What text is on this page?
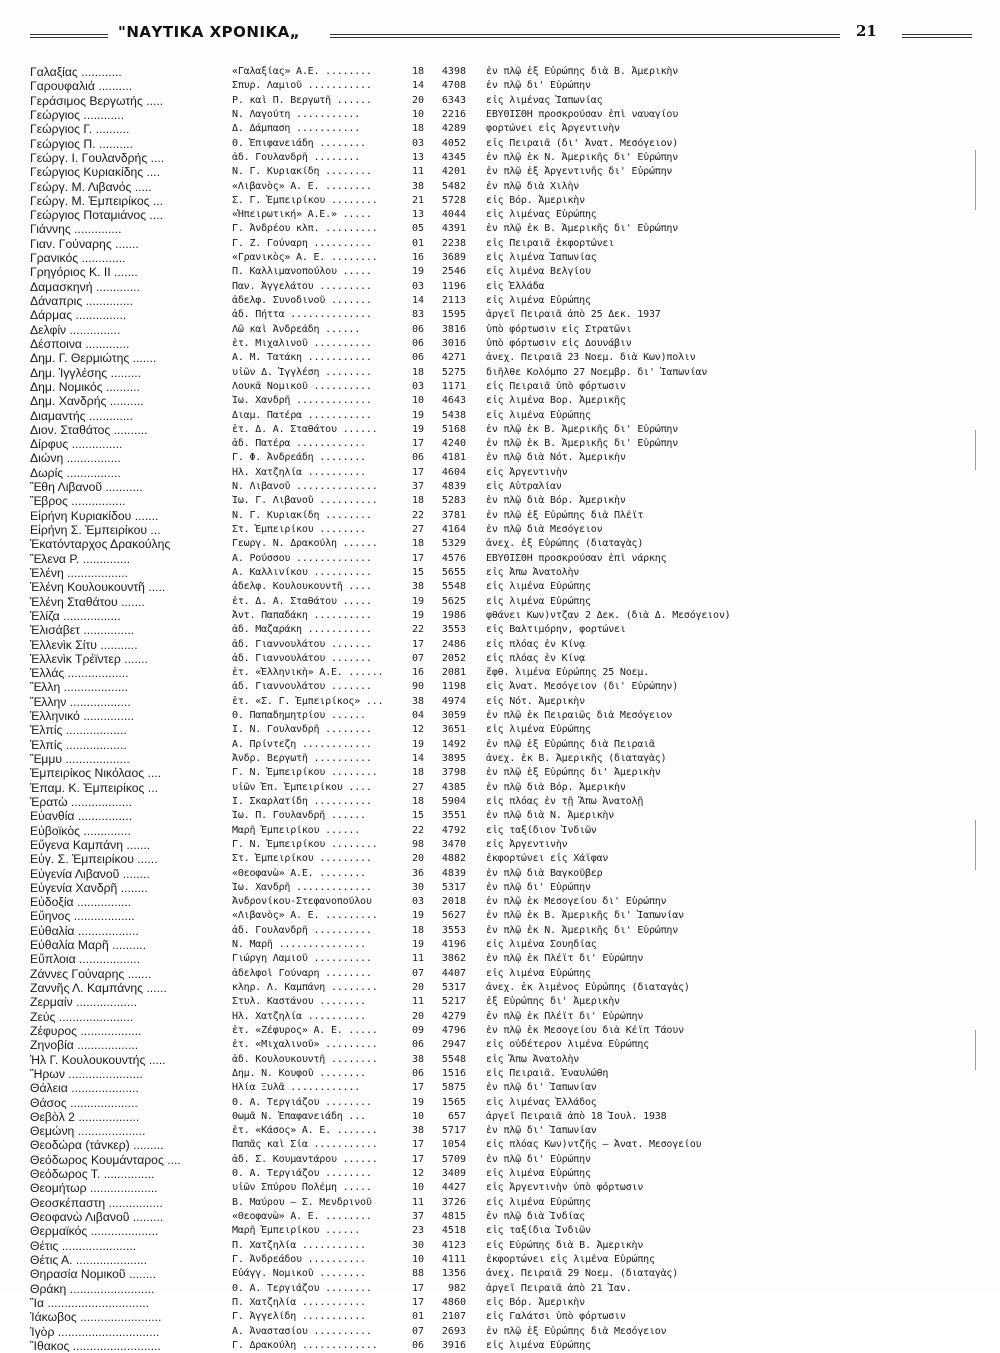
"ΝΑΥΤΙΚΑ ΧΡΟΝΙΚΑ„	21
Γαλαξίας ............	«Γαλαξίας» Α.Ε. ........	18	4398 ἐν πλῷ ἐξ Εὐρώπης διὰ Β. Ἀμερικὴν
Γαρουφαλιά ..........	Σπυρ. Λαμιοῦ ...........	14	4708 ἐν πλῷ δι' Εὐρώπην
Γεράσιμος Βεργωτής .....	Ρ. καὶ Π. Βεργωτῆ ......	20	6343 εἰς λιμένας Ἰαπωνίας
Γεώργιος ............	Ν. Λαγούτη ...........	10	2216 ΕΒΥΘΙΣΘΗ προσκρούσαν ἐπὶ ναυαγίου
Γεώργιος Γ. ..........	Δ. Δάμπαση ...........	18	4289 φορτώνει εἰς Ἀργεντινὴν
Γεώργιος Π. ..........	Θ. Ἐπιφανειάδη ........	03	4052 εἰς Πειραιᾶ (δι' Ἀνατ. Μεσόγειον)
Γεώργ. Ι. Γουλανδρής ....	ἀδ. Γουλανδρῆ ........	13	4345 ἐν πλῷ ἐκ Ν. Ἀμερικῆς δι' Εὐρώπην
Γεώργιος Κυριακίδης ....	Ν. Γ. Κυριακίδη ........	11	4201 ἐν πλῷ ἐξ Ἀργεντινῆς δι' Εὐρώπην
Γεώργ. Μ. Λιβανός .....	«Λιβανὸς» Α. Ε. ........	38	5482 ἐν πλῷ διὰ Χιλὴν
Γεώργ. Μ. Ἐμπειρίκος ...	Σ. Γ. Ἐμπειρίκου ........	21	5728 εἰς Βόρ. Ἀμερικὴν
Γεώργιος Ποταμιάνος ....	«Ἠπειρωτική» Α.Ε.» .....	13	4044 εἰς λιμένας Εὐρώπης
Γιάννης ..............	Γ. Ἀνδρέου κλπ. .........	05	4391 ἐν πλῷ ἐκ Β. Ἀμερικῆς δι' Εὐρώπην
Γιαν. Γούναρης .......	Γ. Ζ. Γούναρη ..........	01	2238 εἰς Πειραιᾶ ἐκφορτώνει
Γρανικός .............	«Γρανικὸς» Α. Ε. ........	16	3689 εἰς λιμένα Ἰαπωνίας
Γρηγόριος Κ. ΙΙ .......	Π. Καλλιμανοπούλου .....	19	2546 εἰς λιμένα Βελγίου
Δαμασκηνή .............	Παν. Ἀγγελάτου .........	03	1196 εἰς Ἑλλάδα
Δάναπρις ..............	ἀδελφ. Συνοδινοῦ .......	14	2113 εἰς λιμένα Εὐρώπης
Δάρμας ...............	ἀδ. Πήττα ..............	83	1595 ἀργεῖ Πειραιᾶ ἀπὸ 25 Δεκ. 1937
Δελφίν ...............	Λῶ καὶ Ἀνδρεάδη ......	06	3816 ὑπὸ φόρτωσιν εἰς Στρατῶνι
Δέσποινα .............	ἑτ. Μιχαλινοῦ ..........	06	3016 ὑπὸ φόρτωσιν εἰς Δουνάβιν
Δημ. Γ. Θερμιώτης .......	Α. Μ. Τατάκη ...........	06	4271 ἀνεχ. Πειραιᾶ 23 Νοεμ. διὰ Κων)πολιν
Δημ. Ἰγγλέσης .........	υἱῶν Δ. Ἰγγλέση ........	18	5275 διῆλθε Κολόμπο 27 Νοεμβρ. δι' Ἰαπωνίαν
Δημ. Νομικός ..........	Λουκᾶ Νομικοῦ ..........	03	1171 εἰς Πειραιᾶ ὑπὸ φόρτωσιν
Δημ. Χανδρής ..........	Ἰω. Χανδρῆ .............	10	4643 εἰς λιμένα Βορ. Ἀμερικῆς
Διαμαντής .............	Διαμ. Πατέρα ...........	19	5438 εἰς λιμένα Εὐρώπης
Διον. Σταθάτος ..........	ἑτ. Δ. Α. Σταθάτου ......	19	5168 ἐν πλῷ ἐκ Β. Ἀμερικῆς δι' Εὐρώπην
Δίρφυς ...............	ἀδ. Πατέρα ............	17	4240 ἐν πλῷ ἐκ Β. Ἀμερικῆς δι' Εὐρώπην
Διώνη ................	Γ. Φ. Ἀνδρεάδη ........	06	4181 ἐν πλῷ διὰ Νότ. Ἀμερικὴν
Δωρίς ................	Ἠλ. Χατζηλία ..........	17	4604 εἰς Ἀργεντινὴν
Ἔθη Λιβανοῦ ...........	Ν. Λιβανοῦ ..............	37	4839 εἰς Αὐτραλίαν
Ἔβρος ................	Ἰω. Γ. Λιβανοῦ ..........	18	5283 ἐν πλῷ διὰ Βόρ. Ἀμερικὴν
Εἰρήνη Κυριακίδου .......	Ν. Γ. Κυριακίδη ........	22	3781 ἐν πλῷ ἐξ Εὐρώπης διὰ Πλέϊτ
Εἰρήνη Σ. Ἐμπειρίκου ...	Στ. Ἐμπειρίκου ........	27	4164 ἐν πλῷ διὰ Μεσόγειον
Ἐκατόνταρχος Δρακούλης	Γεωργ. Ν. Δρακούλη ......	18	5329 ἀνεχ. ἐξ Εὐρώπης (διαταγὰς)
Ἔλενα Ρ. ..............	Α. Ρούσσου .............	17	4576 ΕΒΥΘΙΣΘΗ προσκρούσαν ἐπὶ νάρκης
Ἑλένη ..................	Α. Καλλινίκου ..........	15	5655 εἰς Ἀπω Ἀνατολὴν
Ἑλένη Κουλουκουντῆ .....	ἀδελφ. Κουλουκουντῆ ....	38	5548 εἰς λιμένα Εὐρώπης
Ἑλένη Σταθάτου .......	ἑτ. Δ. Α. Σταθάτου .....	19	5625 εἰς λιμένα Εὐρώπης
Ἐλίζα .................	Ἀντ. Παπαδάκη ..........	19	1986 φθάνει Κων)ντζαν 2 Δεκ. (διὰ Δ. Μεσόγειον)
Ἐλισάβετ ...............	ἀδ. Μαζαράκη ...........	22	3553 εἰς Βαλτιμόρην, φορτώνει
Ἑλλενὶκ Σίτυ ...........	ἀδ. Γιαννουλάτου .......	17	2486 εἰς πλόας ἐν Κίνᾳ
Ἑλλενὶκ Τρέϊντερ .......	ἀδ. Γιαννουλάτου .......	07	2052 εἰς πλόας ἐν Κίνᾳ
Ἑλλάς ..................	ἑτ. «Ἑλληνικὴ» Α.Ε. ......	16	2081 ἔφθ. λιμένα Εὐρώπης 25 Νοεμ.
Ἔλλη ...................	ἀδ. Γιαννουλάτου .......	90	1198 εἰς Ἀνατ. Μεσόγειον (δι' Εὐρώπην)
Ἕλλην ..................	ἑτ. «Σ. Γ. Ἐμπειρίκος» ...	38	4974 εἰς Νότ. Ἀμερικὴν
Ἑλληνικό ...............	Θ. Παπαδημητρίου ......	04	3059 ἐν πλῷ ἐκ Πειραιῶς διὰ Μεσόγειον
Ἐλπίς ..................	Ι. Ν. Γουλανδρῆ ........	12	3651 εἰς λιμένα Εὐρώπης
Ἐλπίς ..................	Α. Πρίντεζη ............	19	1492 ἐν πλῷ ἐξ Εὐρώπης διὰ Πειραιᾶ
Ἔμμυ ...................	Ἀνδρ. Βεργωτῆ ..........	14	3895 ἀνεχ. ἐκ Β. Ἀμερικῆς (διαταγὰς)
Ἐμπειρίκος Νικόλαος ....	Γ. Ν. Ἐμπειρίκου ........	18	3798 ἐν πλῷ ἐξ Εὐρώπης δι' Ἀμερικὴν
Ἐπαμ. Κ. Ἐμπειρίκος ...	υἱῶν Ἐπ. Ἐμπειρίκου ....	27	4385 ἐν πλῷ διὰ Βόρ. Ἀμερικὴν
Ἐρατὼ ..................	Ι. Σκαρλατίδη ..........	18	5904 εἰς πλόας ἐν τῇ Ἄπω Ἀνατολῇ
Εὐανθία ................	Ἰω. Π. Γουλανδρῆ ......	15	3551 ἐν πλῷ διὰ Ν. Ἀμερικὴν
Εὐβοϊκὸς ..............	Μαρῆ Ἐμπειρίκου ......	22	4792 εἰς ταξίδιον Ἰνδιῶν
Εὔγενα Καμπάνη .......	Γ. Ν. Ἐμπειρίκου ........	98	3470 εἰς Ἀργεντινὴν
Εὐγ. Σ. Ἐμπειρίκου ......	Στ. Ἐμπειρίκου .........	20	4882 ἐκφορτώνει εἰς Χάϊφαν
Εὐγενία Λιβανοῦ ........	«Θεοφανὼ» Α.Ε. ........	36	4839 ἐν πλῷ διὰ Βαγκοῦβερ
Εὐγενία Χανδρῆ ........	Ἰω. Χανδρῆ .............	30	5317 ἐν πλῷ δι' Εὐρώπην
Εὐδοξία ................	Ἀνδρονίκου-Στεφανοπούλου	03	2018 ἐν πλῷ ἐκ Μεσογείου δι' Εὐρώπην
Εὔηνος ..................	«Λιβανὸς» Α. Ε. .........	19	5627 ἐν πλῷ ἐκ Β. Ἀμερικῆς δι' Ἰαπωνίαν
Εὐθαλία ..................	ἀδ. Γουλανδρῆ ..........	18	3553 ἐν πλῷ ἐκ Ν. Ἀμερικῆς δι' Εὐρώπην
Εὐθαλία Μαρῆ ..........	Ν. Μαρῆ ...............	19	4196 εἰς λιμένα Σουηδίας
Εὔπλοια ..................	Γιώργη Λαμιοῦ ..........	11	3862 ἐν πλῷ ἐκ Πλέϊτ δι' Εὐρώπην
Ζάννες Γούναρης .......	ἀδελφοὶ Γούναρη ........	07	4407 εἰς λιμένα Εὐρώπης
Ζαννῆς Λ. Καμπάνης ......	κληρ. Λ. Καμπάνη ........	20	5317 ἀνεχ. ἐκ λιμένος Εὐρώπης (διαταγὰς)
Ζερμαίν ..................	Στυλ. Καστάνου ........	11	5217 ἐξ Εὐρώπης δι' Ἀμερικὴν
Ζεύς ......................	Ἠλ. Χατζηλία ..........	20	4279 ἐν πλῷ ἐκ Πλέϊτ δι' Εὐρώπην
Ζέφυρος ..................	ἑτ. «Ζέφυρος» Α. Ε. .....	09	4796 ἐν πλῷ ἐκ Μεσογείου διὰ Κέϊπ Τάουν
Ζηνοβία ..................	ἑτ. «Μιχαλινοῦ» .........	06	2947 εἰς οὐδέτερον λιμένα Εὐρώπης
Ἠλ Γ. Κουλουκουντής .....	ἀδ. Κουλουκουντῆ ........	38	5548 εἰς Ἄπω Ἀνατολὴν
Ἥρων ......................	Δημ. Ν. Κουφοῦ ........	06	1516 εἰς Πειραιᾶ. Ἐναυλώθη
Θάλεια ....................	Ἡλία Ξυλᾶ ............	17	5875 ἐν πλῷ δι' Ἰαπωνίαν
Θάσος ....................	Θ. Α. Τεργιάζου ........	19	1565 εἰς λιμένας Ἑλλάδος
Θεβὸλ 2 ..................	Θωμᾶ Ν. Ἐπαφανειάδη ...	10	657 ἀργεῖ Πειραιᾶ ἀπὸ 18 Ἰουλ. 1938
Θεμώνη ....................	ἑτ. «Κάσος» Α. Ε. .......	38	5717 ἐν πλῷ δι' Ἰαπωνίαν
Θεοδώρα (τάνκερ) .........	Παπᾶς καὶ Σία ...........	17	1054 εἰς πλόας Κων)ντζῆς — Ἀνατ. Μεσογείου
Θεόδωρος Κουμάνταρος ....	ἀδ. Σ. Κουμαντάρου ......	17	5709 ἐν πλῷ δι' Εὐρώπην
Θεόδωρος Τ. ...............	Θ. Α. Τεργιάζου ........	12	3409 εἰς λιμένα Εὐρώπης
Θεομήτωρ ....................	υἱῶν Σπύρου Πολέμη .....	10	4427 εἰς Ἀργεντινὴν ὑπὸ φόρτωσιν
Θεοσκέπαστη ................	Β. Μαύρου — Σ. Μενδρινοῦ	11	3726 εἰς λιμένα Εὐρώπης
Θεοφανὼ Λιβανοῦ .........	«Θεοφανὼ» Α. Ε. ........	37	4815 ἐν πλῷ διὰ Ἰνδίας
Θερμαϊκός ....................	Μαρῆ Ἐμπειρίκου ......	23	4518 εἰς ταξίδια Ἰνδιῶν
Θέτις ......................	Π. Χατζηλία ...........	30	4123 εἰς Εὐρώπης διὰ Β. Ἀμερικὴν
Θέτις Α. .....................	Γ. Ἀνδρεάδου ..........	10	4111 ἐκφορτώνει εἰς λιμένα Εὐρώπης
Θηρασία Νομικοῦ ........	Εὐάγγ. Νομικοῦ ........	88	1356 ἀνεχ. Πειραιᾶ 29 Νοεμ. (διαταγὰς)
Θράκη .........................	Θ. Α. Τεργιάζου ........	17	982 ἀργεῖ Πειραιᾶ ἀπὸ 21 Ἰαν.
Ἴα ..............................	Π. Χατζηλία ...........	17	4860 εἰς Βόρ. Ἀμερικὴν
Ἰάκωβος ........................	Γ. Ἀγγελίδη ...........	01	2107 εἰς Γαλάτσι ὑπὸ φόρτωσιν
Ἰγὸρ ..............................	Α. Ἀναστασίου ..........	07	2693 ἐν πλῷ ἐξ Εὐρώπης διὰ Μεσόγειον
Ἴθακος ..........................	Γ. Δρακούλη .............	06	3916 εἰς λιμένα Εὐρώπης
